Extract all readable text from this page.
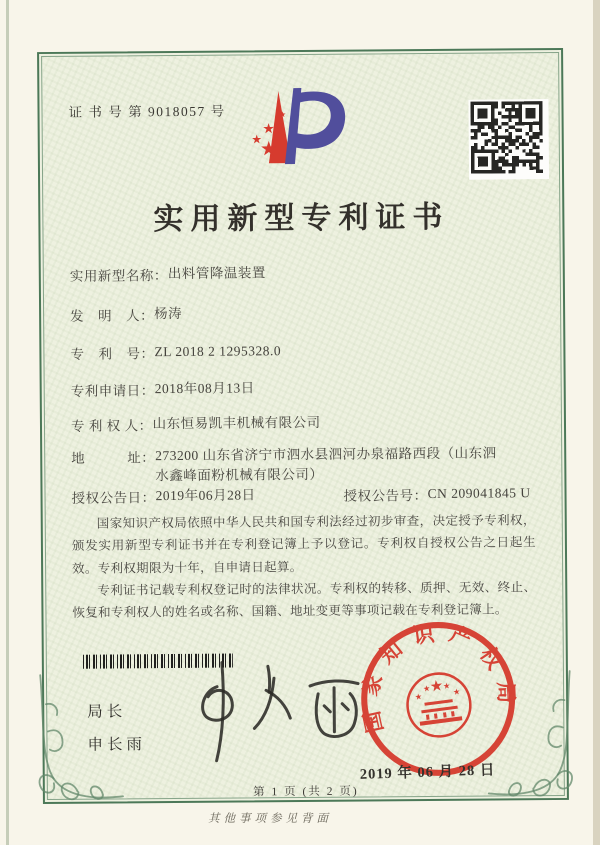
证 书 号 第 9018057 号
★
★
★ ★
★
实用新型专利证书
实用新型名称： 出料管降温装置
发　明　人： 杨涛
专　利　号： ZL 2018 2 1295328.0
专利申请日： 2018年08月13日
专 利 权 人： 山东恒易凯丰机械有限公司
地　　　址： 273200 山东省济宁市泗水县泗河办泉福路西段（山东泗水鑫峰面粉机械有限公司）
授权公告日： 2019年06月28日	授权公告号： CN 209041845 U

国家知识产权局依照中华人民共和国专利法经过初步审查，决定授予专利权，颁发实用新型专利证书并在专利登记簿上予以登记。专利权自授权公告之日起生效。专利权期限为十年，自申请日起算。

专利证书记载专利权登记时的法律状况。专利权的转移、质押、无效、终止、恢复和专利权人的姓名或名称、国籍、地址变更等事项记载在专利登记簿上。

局长
申长雨
国家知识产权局
★
★
★ ★
★
2019 年 06 月 28 日
第 1 页 (共 2 页)
其他事项参见背面
